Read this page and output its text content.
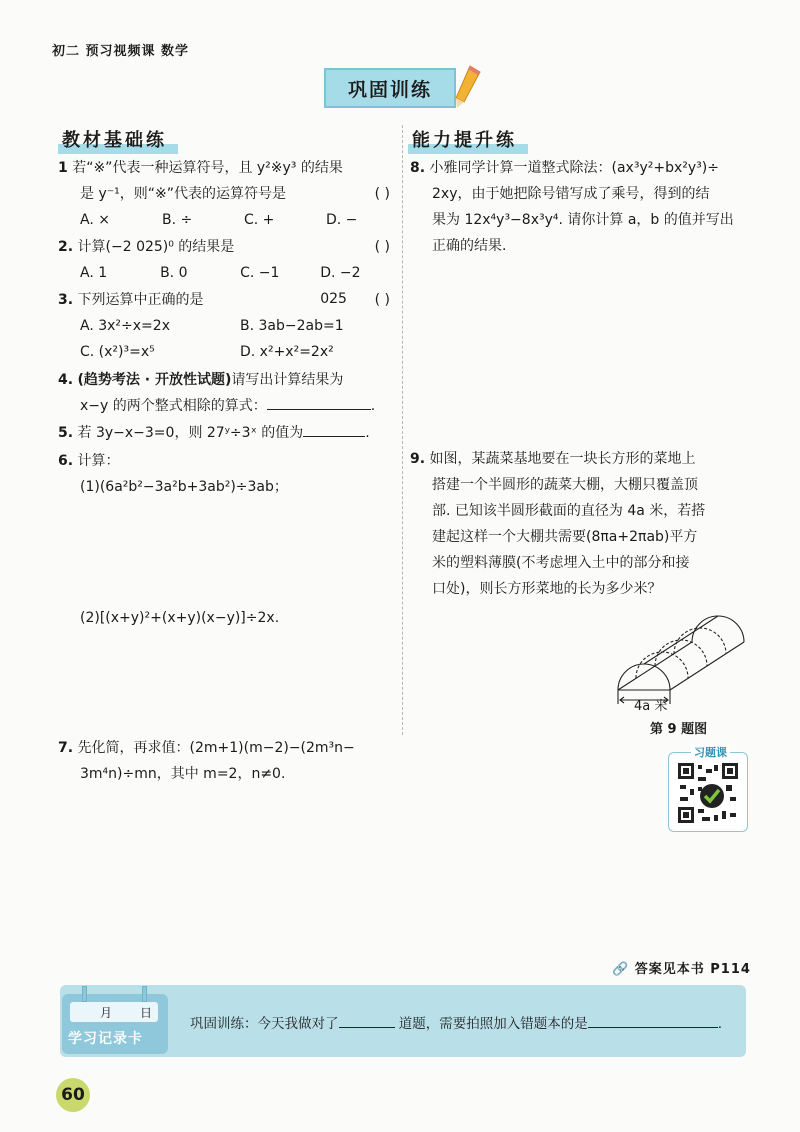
初二 预习视频课 数学
巩固训练
教材基础练	能力提升练
1 若“※”代表一种运算符号，且 y²※y³ 的结果
是 y⁻¹，则“※”代表的运算符号是	( )
A. ×	B. ÷	C. +	D. −
2. 计算(−2 025)⁰ 的结果是	( )
A. 1	B. 0	C. −1	D. −2 025
3. 下列运算中正确的是	( )
A. 3x²÷x=2x	B. 3ab−2ab=1
C. (x²)³=x⁵	D. x²+x²=2x²
4. (趋势考法 · 开放性试题)请写出计算结果为
x−y 的两个整式相除的算式：	.
5. 若 3y−x−3=0，则 27ʸ÷3ˣ 的值为	.
6. 计算：
(1)(6a²b²−3a²b+3ab²)÷3ab；
(2)[(x+y)²+(x+y)(x−y)]÷2x.
7. 先化简，再求值：(2m+1)(m−2)−(2m³n−
3m⁴n)÷mn，其中 m=2，n≠0.
8. 小雅同学计算一道整式除法：(ax³y²+bx²y³)÷
2xy，由于她把除号错写成了乘号，得到的结
果为 12x⁴y³−8x³y⁴. 请你计算 a，b 的值并写出
正确的结果.
9. 如图，某蔬菜基地要在一块长方形的菜地上
搭建一个半圆形的蔬菜大棚，大棚只覆盖顶
部. 已知该半圆形截面的直径为 4a 米，若搭
建起这样一个大棚共需要(8πa+2πab)平方
米的塑料薄膜(不考虑埋入土中的部分和接
口处)，则长方形菜地的长为多少米？
4a 米
第 9 题图
习题课
🔗 答案见本书 P114
月 日
学习记录卡
巩固训练：今天我做对了	道题，需要拍照加入错题本的是	.
60
